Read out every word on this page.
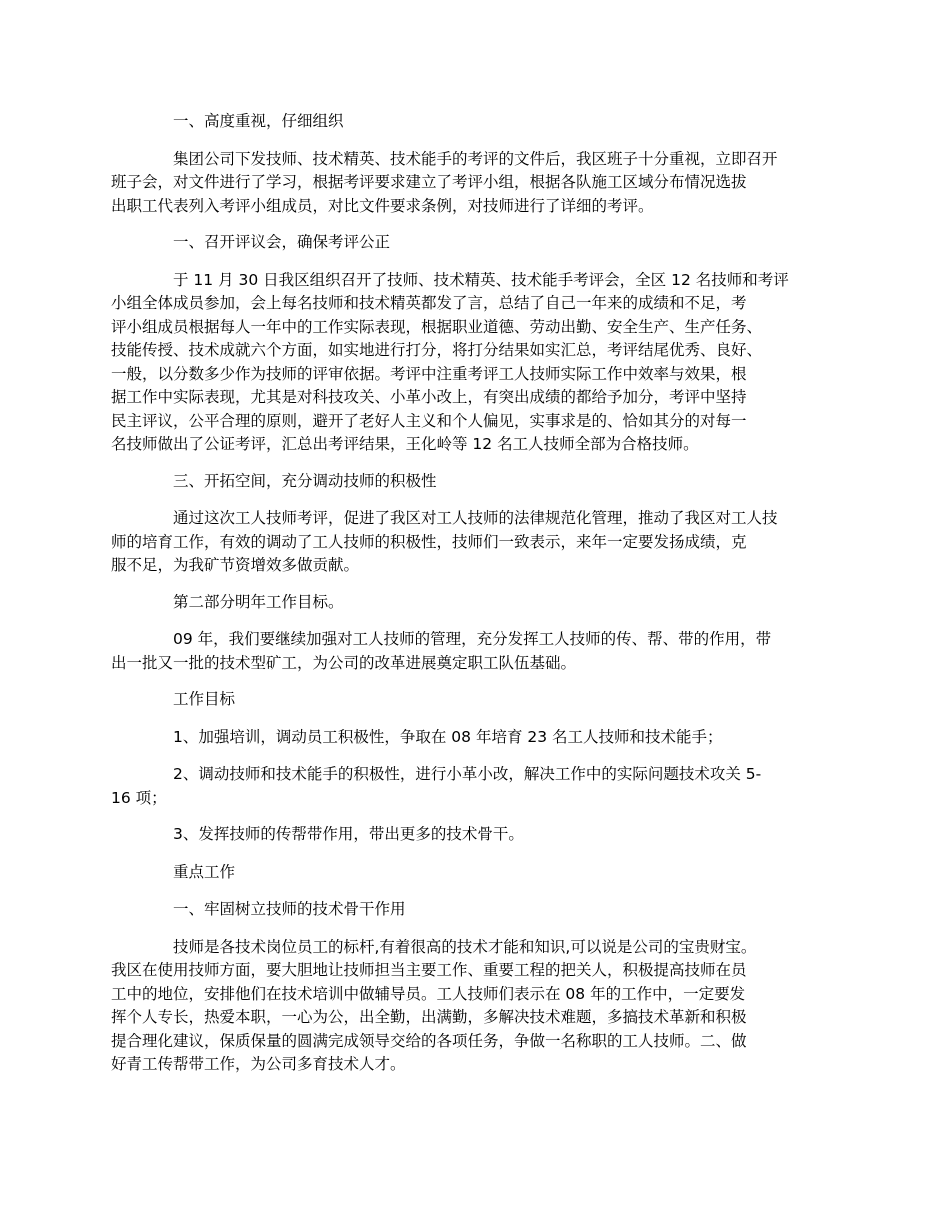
一、高度重视，仔细组织

集团公司下发技师、技术精英、技术能手的考评的文件后，我区班子十分重视，立即召开
班子会，对文件进行了学习，根据考评要求建立了考评小组，根据各队施工区域分布情况选拔
出职工代表列入考评小组成员，对比文件要求条例，对技师进行了详细的考评。

一、召开评议会，确保考评公正

于 11 月 30 日我区组织召开了技师、技术精英、技术能手考评会，全区 12 名技师和考评
小组全体成员参加，会上每名技师和技术精英都发了言，总结了自己一年来的成绩和不足，考
评小组成员根据每人一年中的工作实际表现，根据职业道德、劳动出勤、安全生产、生产任务、
技能传授、技术成就六个方面，如实地进行打分，将打分结果如实汇总，考评结尾优秀、良好、
一般，以分数多少作为技师的评审依据。考评中注重考评工人技师实际工作中效率与效果，根
据工作中实际表现，尤其是对科技攻关、小革小改上，有突出成绩的都给予加分，考评中坚持
民主评议，公平合理的原则，避开了老好人主义和个人偏见，实事求是的、恰如其分的对每一
名技师做出了公证考评，汇总出考评结果，王化岭等 12 名工人技师全部为合格技师。

三、开拓空间，充分调动技师的积极性

通过这次工人技师考评，促进了我区对工人技师的法律规范化管理，推动了我区对工人技
师的培育工作，有效的调动了工人技师的积极性，技师们一致表示，来年一定要发扬成绩，克
服不足，为我矿节资增效多做贡献。

第二部分明年工作目标。

09 年，我们要继续加强对工人技师的管理，充分发挥工人技师的传、帮、带的作用，带
出一批又一批的技术型矿工，为公司的改革进展奠定职工队伍基础。

工作目标

1、加强培训，调动员工积极性，争取在 08 年培育 23 名工人技师和技术能手；

2、调动技师和技术能手的积极性，进行小革小改，解决工作中的实际问题技术攻关 5-
16 项；

3、发挥技师的传帮带作用，带出更多的技术骨干。

重点工作

一、牢固树立技师的技术骨干作用

技师是各技术岗位员工的标杆,有着很高的技术才能和知识,可以说是公司的宝贵财宝。
我区在使用技师方面，要大胆地让技师担当主要工作、重要工程的把关人，积极提高技师在员
工中的地位，安排他们在技术培训中做辅导员。工人技师们表示在 08 年的工作中，一定要发
挥个人专长，热爱本职，一心为公，出全勤，出满勤，多解决技术难题，多搞技术革新和积极
提合理化建议，保质保量的圆满完成领导交给的各项任务，争做一名称职的工人技师。二、做
好青工传帮带工作，为公司多育技术人才。
